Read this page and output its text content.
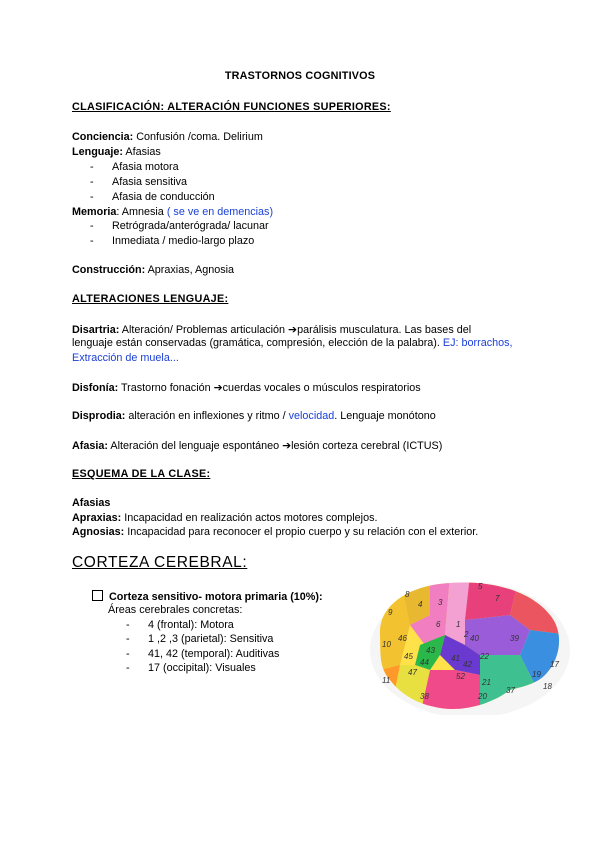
TRASTORNOS COGNITIVOS
CLASIFICACIÓN: ALTERACIÓN FUNCIONES SUPERIORES:
Conciencia: Confusión /coma. Delirium
Lenguaje: Afasias
- Afasia motora
- Afasia sensitiva
- Afasia de conducción
Memoria: Amnesia ( se ve en demencias)
- Retrógrada/anterógrada/ lacunar
- Inmediata / medio-largo plazo
Construcción: Apraxias, Agnosia
ALTERACIONES LENGUAJE:
Disartria: Alteración/ Problemas articulación ➔parálisis musculatura. Las bases del
lenguaje están conservadas (gramática, compresión, elección de la palabra). EJ: borrachos,
Extracción de muela...
Disfonía: Trastorno fonación ➔cuerdas vocales o músculos respiratorios
Disprodia: alteración en inflexiones y ritmo / velocidad. Lenguaje monótono
Afasia: Alteración del lenguaje espontáneo ➔lesión corteza cerebral (ICTUS)
ESQUEMA DE LA CLASE:
Afasias
Apraxias: Incapacidad en realización actos motores complejos.
Agnosias: Incapacidad para reconocer el propio cuerpo y su relación con el exterior.
CORTEZA CEREBRAL:
Corteza sensitivo- motora primaria (10%):
Áreas cerebrales concretas:
- 4 (frontal): Motora
- 1 ,2 ,3 (parietal): Sensitiva
- 41, 42 (temporal): Auditivas
- 17 (occipital): Visuales
4 3
1
2
5
6
7
8
9
10
11
40	39
43
44
45
46
47
38
42
41	22
21
20
37
19
18
17
52
